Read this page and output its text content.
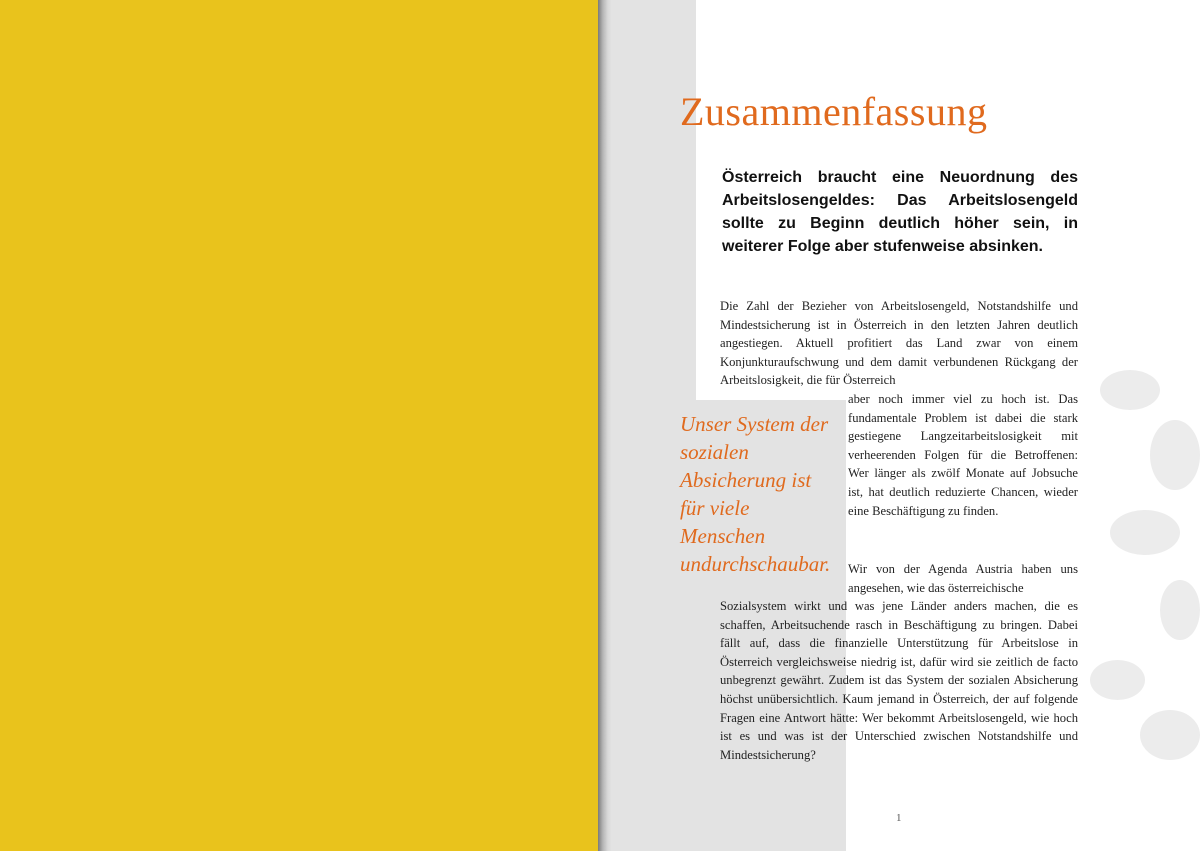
Zusammenfassung

Österreich braucht eine Neuordnung des Arbeitslosengeldes: Das Arbeitslosengeld sollte zu Beginn deutlich höher sein, in weiterer Folge aber stufenweise absinken.

Die Zahl der Bezieher von Arbeitslosengeld, Notstandshilfe und Mindestsicherung ist in Österreich in den letzten Jahren deutlich angestiegen. Aktuell profitiert das Land zwar von einem Konjunkturaufschwung und dem damit verbundenen Rückgang der Arbeitslosigkeit, die für Österreich

aber noch immer viel zu hoch ist. Das fundamentale Problem ist dabei die stark gestiegene Langzeitarbeitslosigkeit mit verheerenden Folgen für die Betroffenen: Wer länger als zwölf Monate auf Jobsuche ist, hat deutlich reduzierte Chancen, wieder eine Beschäftigung zu finden.

Unser System der sozialen Absicherung ist für viele Menschen undurchschaubar. Wir von der Agenda Austria haben uns angesehen, wie das österreichische

Sozialsystem wirkt und was jene Länder anders machen, die es schaffen, Arbeitsuchende rasch in Beschäftigung zu bringen. Dabei fällt auf, dass die finanzielle Unterstützung für Arbeitslose in Österreich vergleichsweise niedrig ist, dafür wird sie zeitlich de facto unbegrenzt gewährt. Zudem ist das System der sozialen Absicherung höchst unübersichtlich. Kaum jemand in Österreich, der auf folgende Fragen eine Antwort hätte: Wer bekommt Arbeitslosengeld, wie hoch ist es und was ist der Unterschied zwischen Notstandshilfe und Mindestsicherung?

1
